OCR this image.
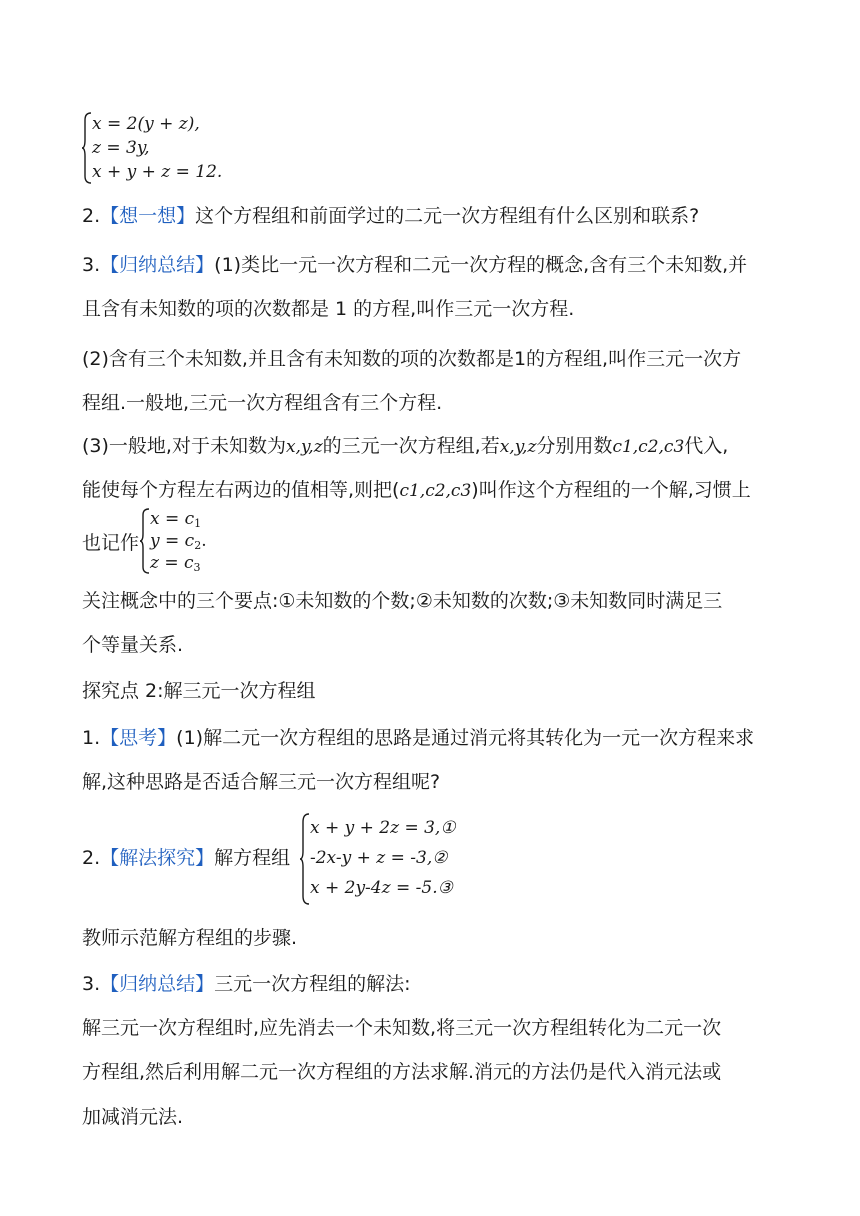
x = 2(y + z),
z = 3y,
x + y + z = 12.
2.【想一想】这个方程组和前面学过的二元一次方程组有什么区别和联系?
3.【归纳总结】(1)类比一元一次方程和二元一次方程的概念,含有三个未知数,并
且含有未知数的项的次数都是 1 的方程,叫作三元一次方程.
(2)含有三个未知数,并且含有未知数的项的次数都是1的方程组,叫作三元一次方
程组.一般地,三元一次方程组含有三个方程.
(3)一般地,对于未知数为x,y,z的三元一次方程组,若x,y,z分别用数c1,c2,c3代入,
能使每个方程左右两边的值相等,则把(c1,c2,c3)叫作这个方程组的一个解,习惯上
也记作
$x = c_1$
$y = c_2$.
$z = c_3$
关注概念中的三个要点:①未知数的个数;②未知数的次数;③未知数同时满足三
个等量关系.
探究点 2:解三元一次方程组
1.【思考】(1)解二元一次方程组的思路是通过消元将其转化为一元一次方程来求
解,这种思路是否适合解三元一次方程组呢?
2.【解法探究】解方程组
x + y + 2z = 3,①
-2x-y + z = -3,②
x + 2y-4z = -5.③
教师示范解方程组的步骤.
3.【归纳总结】三元一次方程组的解法:
解三元一次方程组时,应先消去一个未知数,将三元一次方程组转化为二元一次
方程组,然后利用解二元一次方程组的方法求解.消元的方法仍是代入消元法或
加减消元法.
